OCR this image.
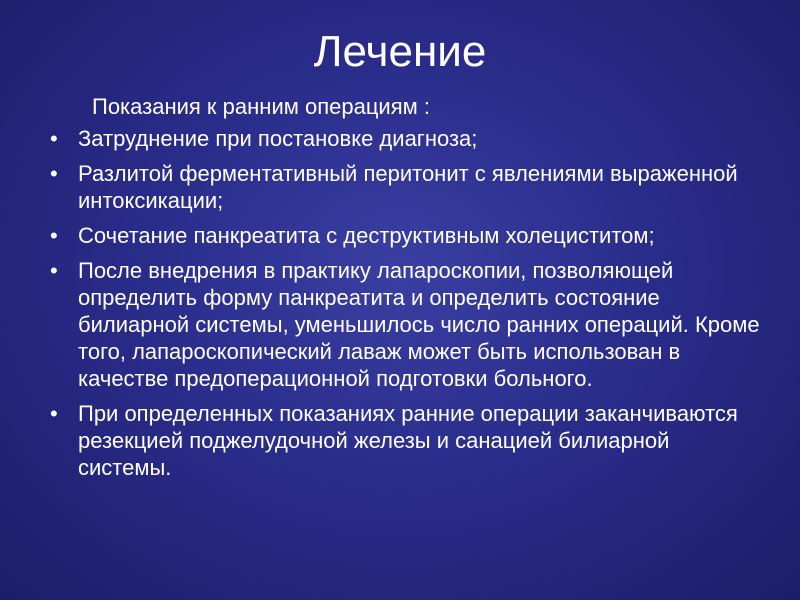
Лечение

Показания к ранним операциям :

• Затруднение при постановке диагноза;
• Разлитой ферментативный перитонит с явлениями выраженной интоксикации;
• Сочетание панкреатита с деструктивным холециститом;
• После внедрения в практику лапароскопии, позволяющей определить форму панкреатита и определить состояние билиарной системы, уменьшилось число ранних операций. Кроме того, лапароскопический лаваж может быть использован в качестве предоперационной подготовки больного.
• При определенных показаниях ранние операции заканчиваются резекцией поджелудочной железы и санацией билиарной системы.
